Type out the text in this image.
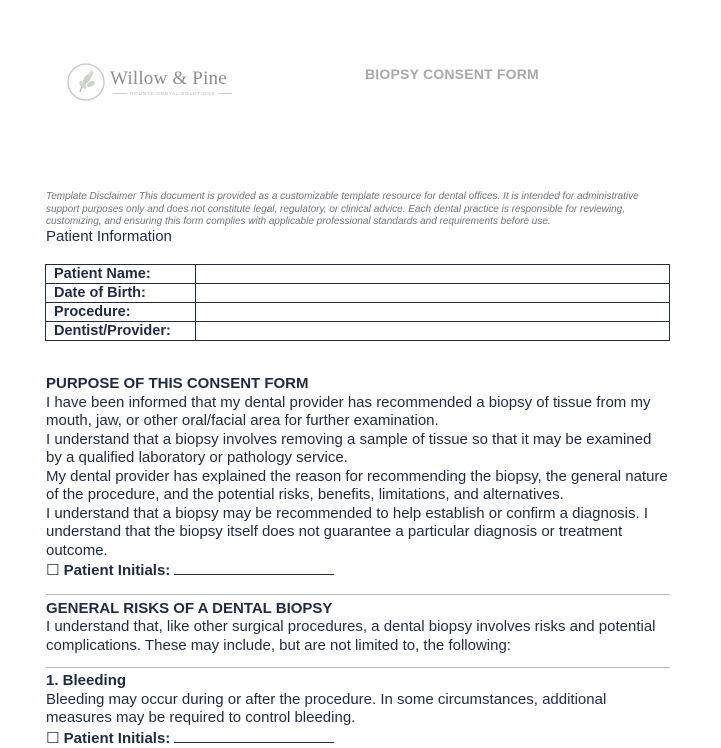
Willow & Pine
ROUNTE DENTAL SOLUTIONS
BIOPSY CONSENT FORM
Template Disclaimer This document is provided as a customizable template resource for dental offices. It is intended for administrative support purposes only and does not constitute legal, regulatory, or clinical advice. Each dental practice is responsible for reviewing, customizing, and ensuring this form complies with applicable professional standards and requirements before use.
Patient Information
Patient Name:	
Date of Birth:	
Procedure:	
Dentist/Provider:	
PURPOSE OF THIS CONSENT FORM

I have been informed that my dental provider has recommended a biopsy of tissue from my mouth, jaw, or other oral/facial area for further examination.

I understand that a biopsy involves removing a sample of tissue so that it may be examined by a qualified laboratory or pathology service.

My dental provider has explained the reason for recommending the biopsy, the general nature of the procedure, and the potential risks, benefits, limitations, and alternatives.

I understand that a biopsy may be recommended to help establish or confirm a diagnosis. I understand that the biopsy itself does not guarantee a particular diagnosis or treatment outcome.

☐ Patient Initials:
GENERAL RISKS OF A DENTAL BIOPSY

I understand that, like other surgical procedures, a dental biopsy involves risks and potential complications. These may include, but are not limited to, the following:

1. Bleeding

Bleeding may occur during or after the procedure. In some circumstances, additional measures may be required to control bleeding.

☐ Patient Initials:
